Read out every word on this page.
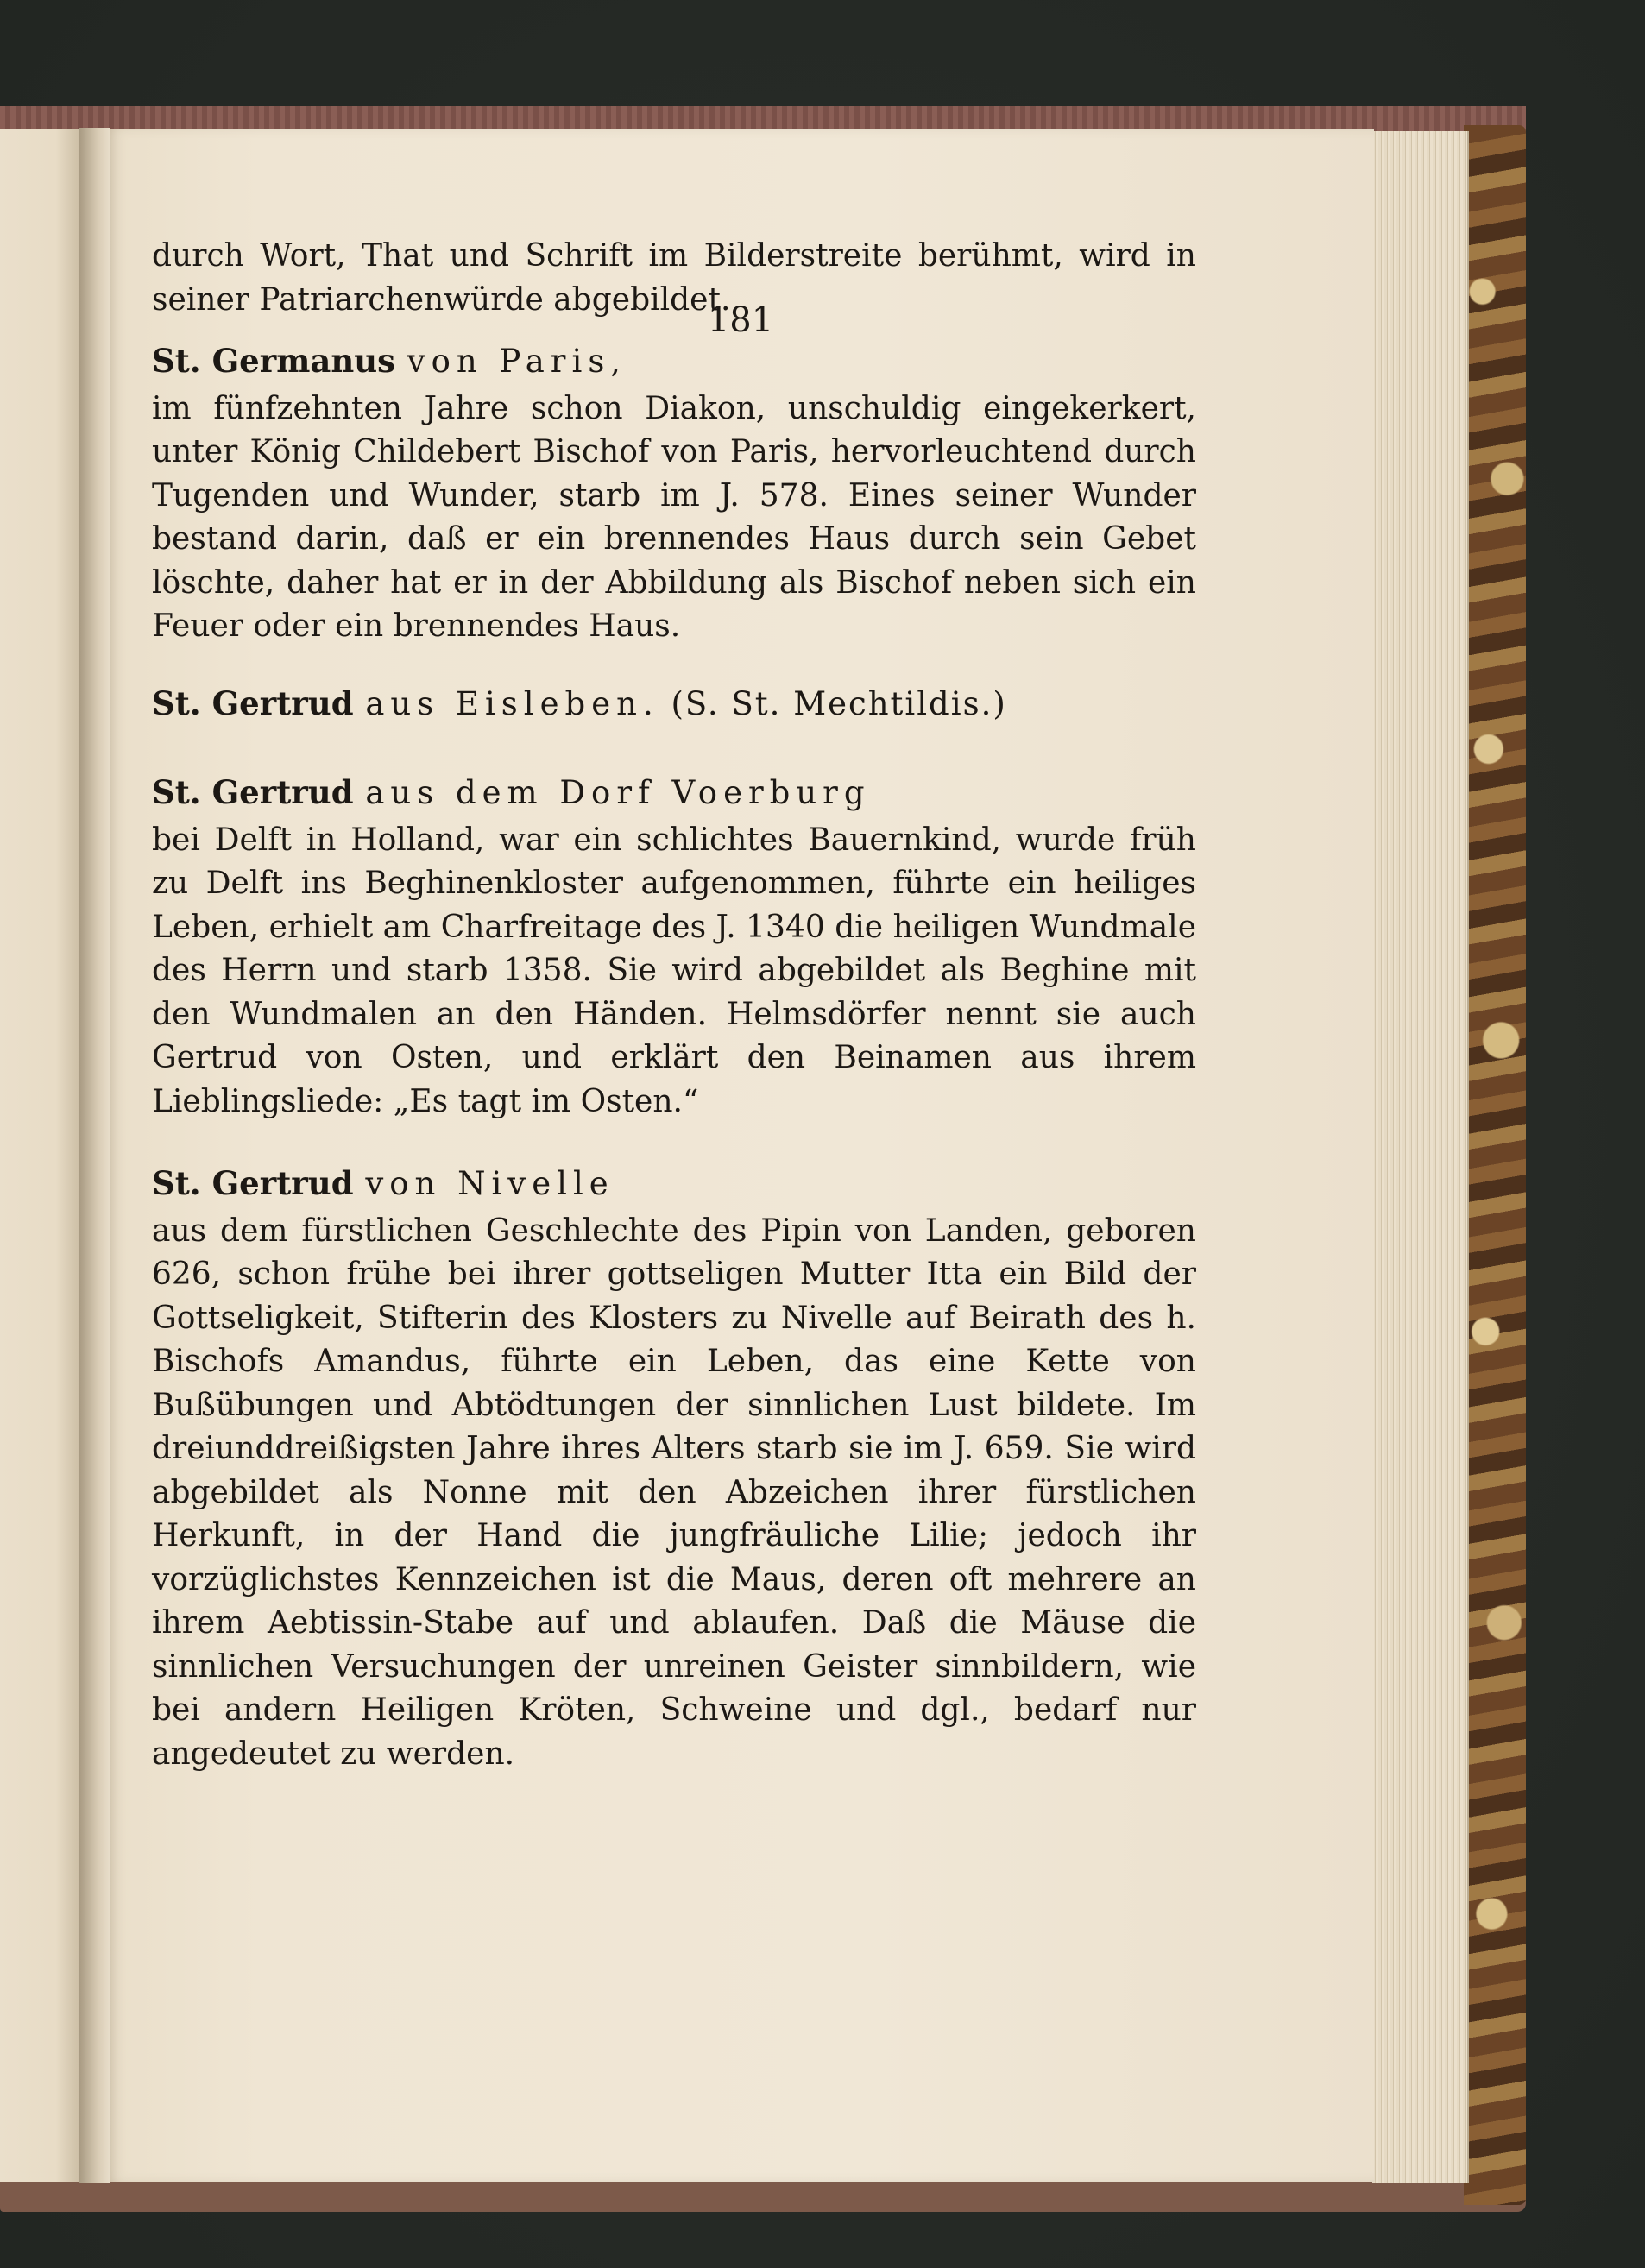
181

durch Wort, That und Schrift im Bilderstreite berühmt, wird in seiner Patriarchenwürde abgebildet.

St. Germanus von Paris,

im fünfzehnten Jahre schon Diakon, unschuldig eingekerkert, unter König Childebert Bischof von Paris, hervorleuchtend durch Tugenden und Wunder, starb im J. 578. Eines seiner Wunder bestand darin, daß er ein brennendes Haus durch sein Gebet löschte, daher hat er in der Abbildung als Bischof neben sich ein Feuer oder ein brennendes Haus.

St. Gertrud aus Eisleben. (S. St. Mechtildis.)

St. Gertrud aus dem Dorf Voerburg

bei Delft in Holland, war ein schlichtes Bauernkind, wurde früh zu Delft ins Beghinenkloster aufgenommen, führte ein heiliges Leben, erhielt am Charfreitage des J. 1340 die heiligen Wundmale des Herrn und starb 1358. Sie wird abgebildet als Beghine mit den Wundmalen an den Händen. Helmsdörfer nennt sie auch Gertrud von Osten, und erklärt den Beinamen aus ihrem Lieblingsliede: „Es tagt im Osten.“

St. Gertrud von Nivelle

aus dem fürstlichen Geschlechte des Pipin von Landen, geboren 626, schon frühe bei ihrer gottseligen Mutter Itta ein Bild der Gottseligkeit, Stifterin des Klosters zu Nivelle auf Beirath des h. Bischofs Amandus, führte ein Leben, das eine Kette von Bußübungen und Abtödtungen der sinnlichen Lust bildete. Im dreiunddreißigsten Jahre ihres Alters starb sie im J. 659. Sie wird abgebildet als Nonne mit den Abzeichen ihrer fürstlichen Herkunft, in der Hand die jungfräuliche Lilie; jedoch ihr vorzüglichstes Kennzeichen ist die Maus, deren oft mehrere an ihrem Aebtissin-Stabe auf und ablaufen. Daß die Mäuse die sinnlichen Versuchungen der unreinen Geister sinnbildern, wie bei andern Heiligen Kröten, Schweine und dgl., bedarf nur angedeutet zu werden.
